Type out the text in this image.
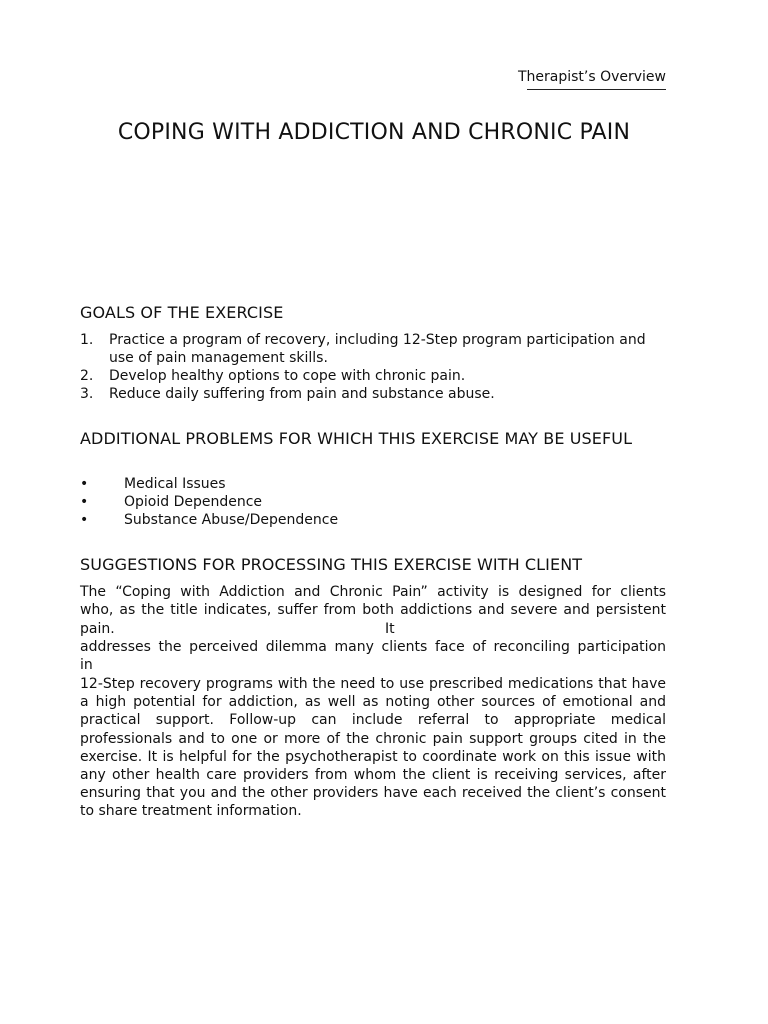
Therapist’s Overview
COPING WITH ADDICTION AND CHRONIC PAIN
GOALS OF THE EXERCISE
1. Practice a program of recovery, including 12-Step program participation and use of pain management skills.
2. Develop healthy options to cope with chronic pain.
3. Reduce daily suffering from pain and substance abuse.
ADDITIONAL PROBLEMS FOR WHICH THIS EXERCISE MAY BE USEFUL
•	Medical Issues
•	Opioid Dependence
•	Substance Abuse/Dependence
SUGGESTIONS FOR PROCESSING THIS EXERCISE WITH CLIENT
The “Coping with Addiction and Chronic Pain” activity is designed for clients
who, as the title indicates, suffer from both addictions and severe and persistent
pain.	It
addresses the perceived dilemma many clients face of reconciling participation
in

12-Step recovery programs with the need to use prescribed medications that have a high potential for addiction, as well as noting other sources of emotional and practical support. Follow-up can include referral to appropriate medical professionals and to one or more of the chronic pain support groups cited in the exercise. It is helpful for the psychotherapist to coordinate work on this issue with any other health care providers from whom the client is receiving services, after ensuring that you and the other providers have each received the client’s consent to share treatment information.
